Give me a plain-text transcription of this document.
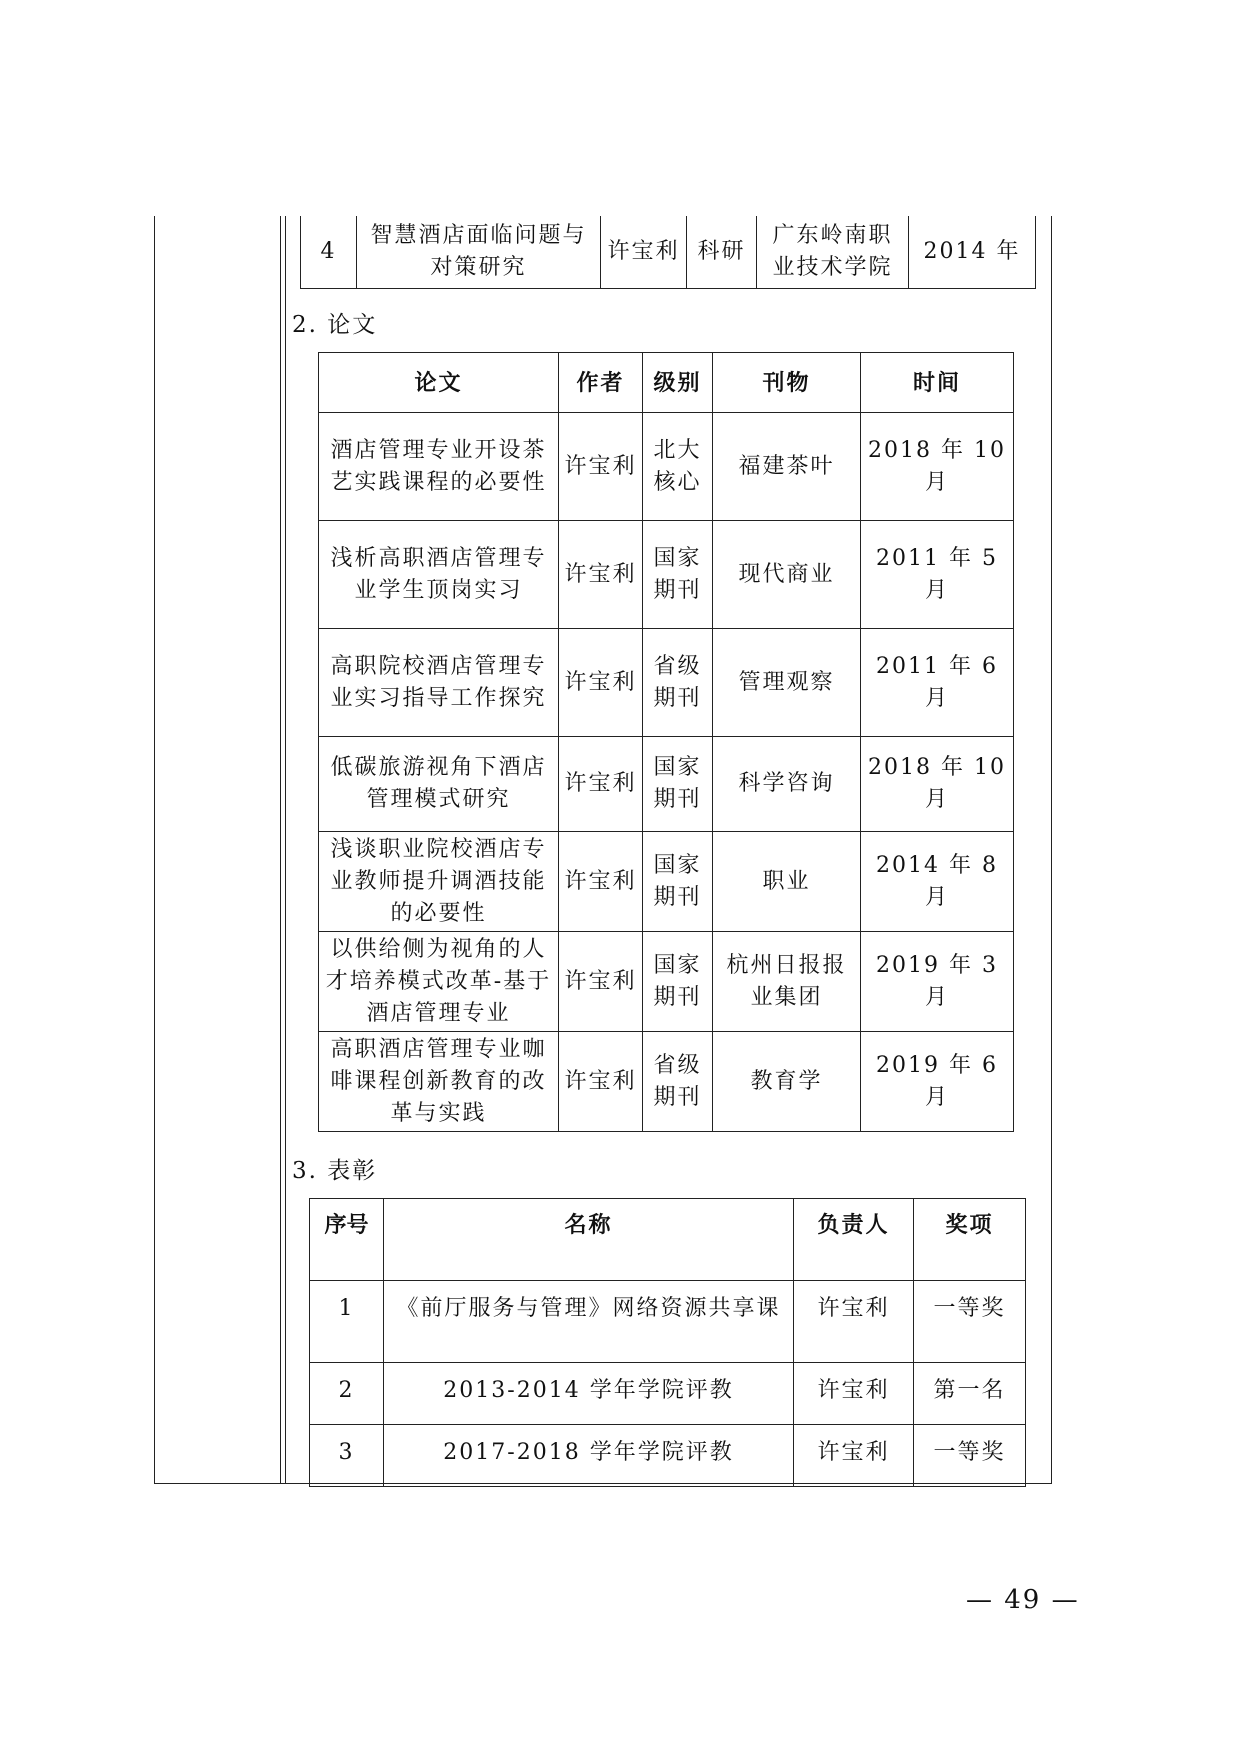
4	智慧酒店面临问题与对策研究	许宝利	科研	广东岭南职业技术学院	2014 年
2. 论文
论文	作者	级别	刊物	时间
酒店管理专业开设茶艺实践课程的必要性	许宝利	北大核心	福建茶叶	2018 年 10 月
浅析高职酒店管理专业学生顶岗实习	许宝利	国家期刊	现代商业	2011 年 5 月
高职院校酒店管理专业实习指导工作探究	许宝利	省级期刊	管理观察	2011 年 6 月
低碳旅游视角下酒店管理模式研究	许宝利	国家期刊	科学咨询	2018 年 10 月
浅谈职业院校酒店专业教师提升调酒技能的必要性	许宝利	国家期刊	职业	2014 年 8 月
以供给侧为视角的人才培养模式改革-基于酒店管理专业	许宝利	国家期刊	杭州日报报业集团	2019 年 3 月
高职酒店管理专业咖啡课程创新教育的改革与实践	许宝利	省级期刊	教育学	2019 年 6 月
3. 表彰
序号	名称	负责人	奖项
1	《前厅服务与管理》网络资源共享课	许宝利	一等奖
2	2013-2014 学年学院评教	许宝利	第一名
3	2017-2018 学年学院评教	许宝利	一等奖
— 49 —
